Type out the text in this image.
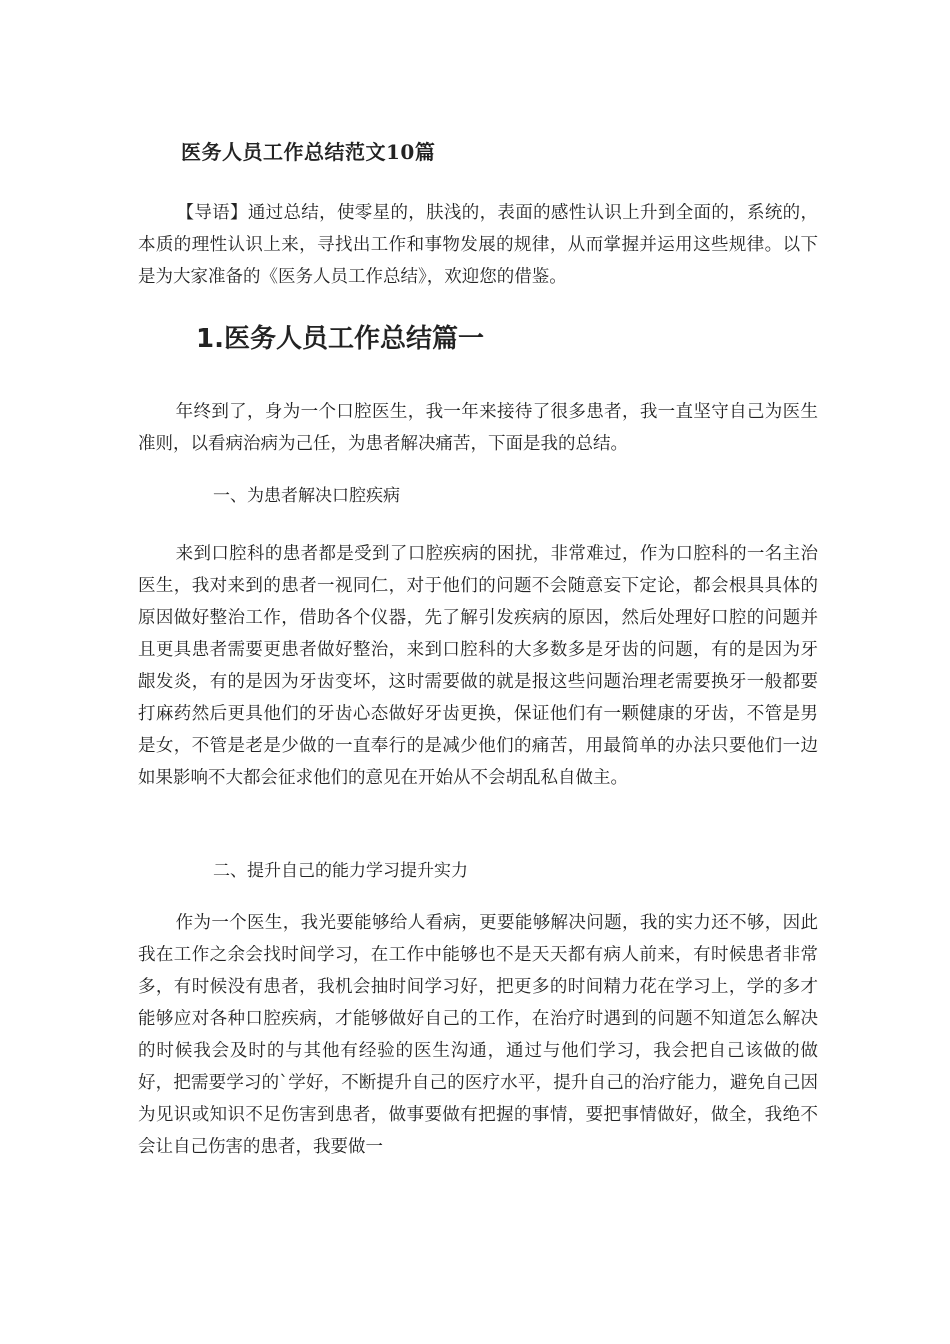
医务人员工作总结范文10篇

【导语】通过总结，使零星的，肤浅的，表面的感性认识上升到全面的，系统的，本质的理性认识上来，寻找出工作和事物发展的规律，从而掌握并运用这些规律。以下是为大家准备的《医务人员工作总结》，欢迎您的借鉴。

1.医务人员工作总结篇一

年终到了，身为一个口腔医生，我一年来接待了很多患者，我一直坚守自己为医生准则，以看病治病为己任，为患者解决痛苦，下面是我的总结。

一、为患者解决口腔疾病

来到口腔科的患者都是受到了口腔疾病的困扰，非常难过，作为口腔科的一名主治医生，我对来到的患者一视同仁，对于他们的问题不会随意妄下定论，都会根具具体的原因做好整治工作，借助各个仪器，先了解引发疾病的原因，然后处理好口腔的问题并且更具患者需要更患者做好整治，来到口腔科的大多数多是牙齿的问题，有的是因为牙龈发炎，有的是因为牙齿变坏，这时需要做的就是报这些问题治理老需要换牙一般都要打麻药然后更具他们的牙齿心态做好牙齿更换，保证他们有一颗健康的牙齿，不管是男是女，不管是老是少做的一直奉行的是减少他们的痛苦，用最简单的办法只要他们一边如果影响不大都会征求他们的意见在开始从不会胡乱私自做主。

二、提升自己的能力学习提升实力

作为一个医生，我光要能够给人看病，更要能够解决问题，我的实力还不够，因此我在工作之余会找时间学习，在工作中能够也不是天天都有病人前来，有时候患者非常多，有时候没有患者，我机会抽时间学习好，把更多的时间精力花在学习上，学的多才能够应对各种口腔疾病，才能够做好自己的工作，在治疗时遇到的问题不知道怎么解决的时候我会及时的与其他有经验的医生沟通，通过与他们学习，我会把自己该做的做好，把需要学习的`学好，不断提升自己的医疗水平，提升自己的治疗能力，避免自己因为见识或知识不足伤害到患者，做事要做有把握的事情，要把事情做好，做全，我绝不会让自己伤害的患者，我要做一
